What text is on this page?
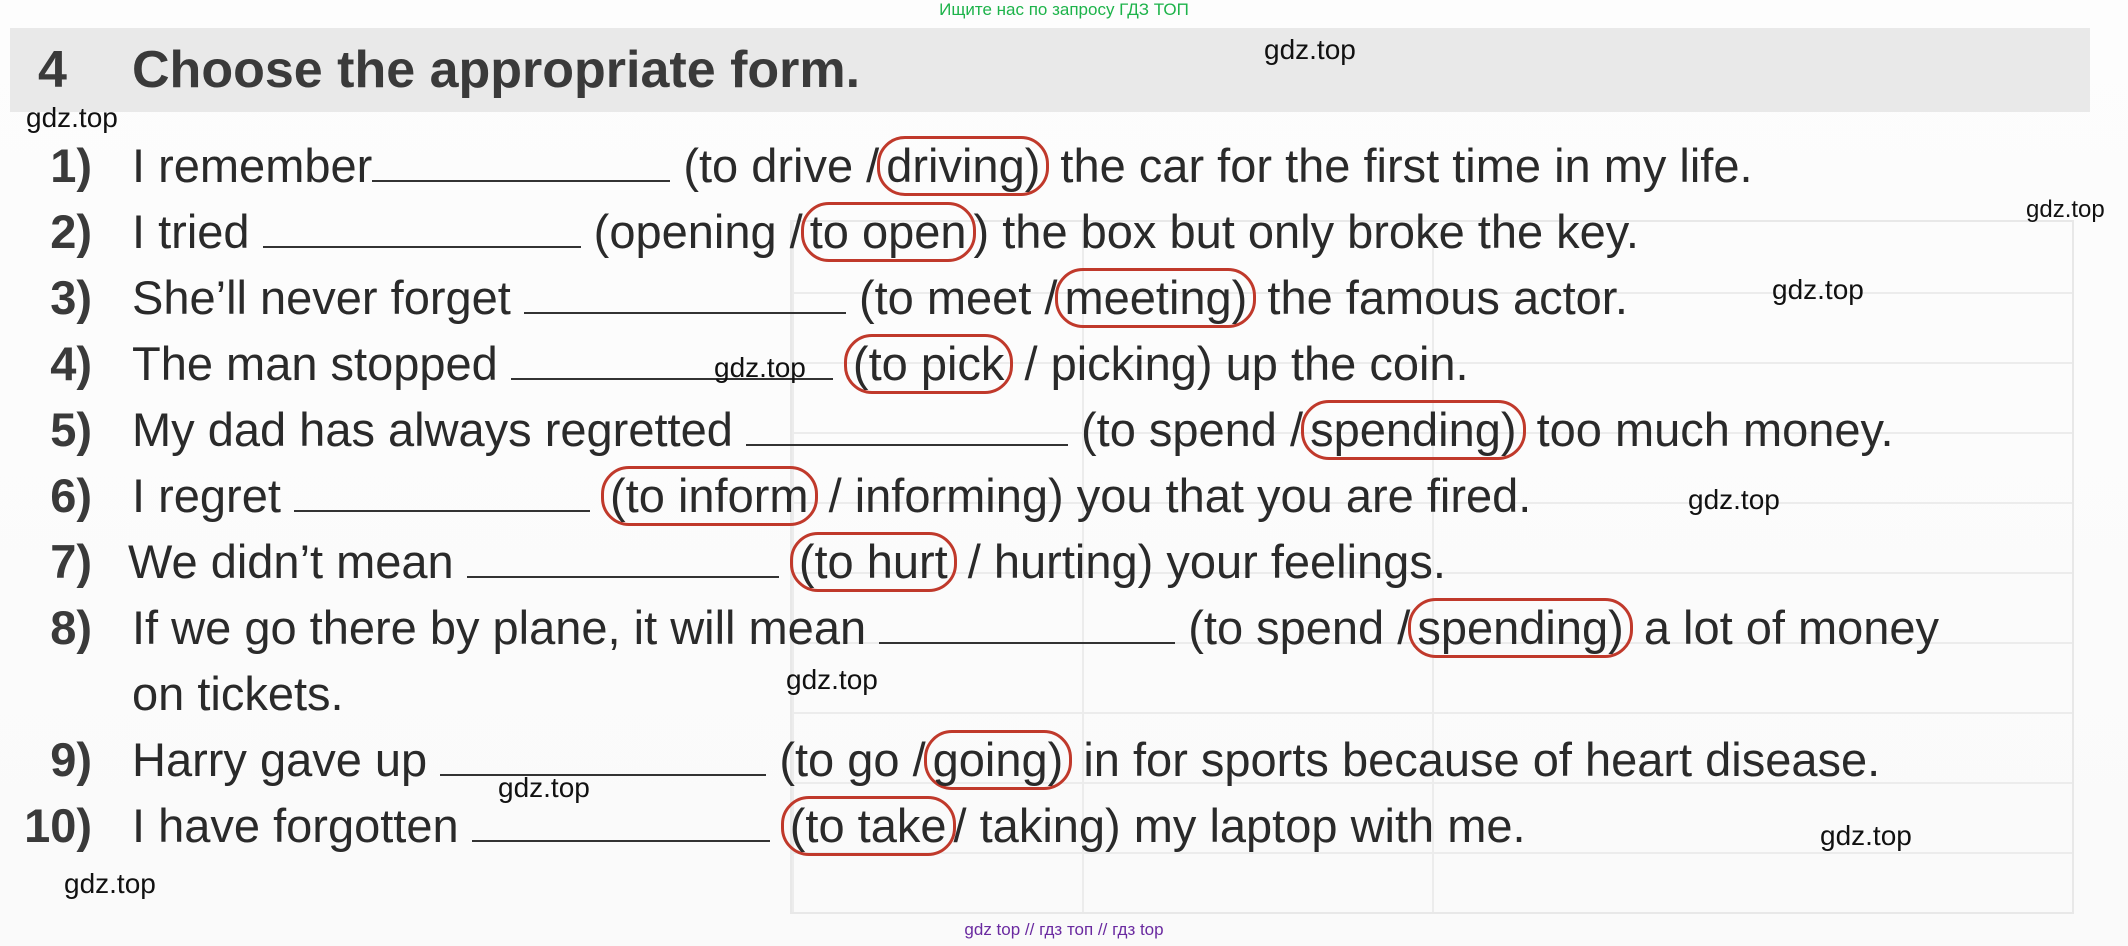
Ищите нас по запросу ГДЗ ТОП
4 Choose the appropriate form.
1) I remember	(to drive / driving) the car for the first time in my life.
2) I tried	(opening / to open ) the box but only broke the key.
3) She’ll never forget	(to meet / meeting) the famous actor.
4) The man stopped	(to pick / picking) up the coin.
5) My dad has always regretted	(to spend / spending) too much money.
6) I regret	(to inform / informing) you that you are fired.
7) We didn’t mean	(to hurt / hurting) your feelings.
8) If we go there by plane, it will mean	(to spend / spending) a lot of money
on tickets.
9) Harry gave up	(to go / going) in for sports because of heart disease.
10) I have forgotten	(to take / taking) my laptop with me.
gdz.top
gdz.top
gdz.top
gdz.top
gdz.top
gdz.top
gdz.top
gdz.top
gdz.top
gdz.top
gdz top // гдз топ // гдз top
